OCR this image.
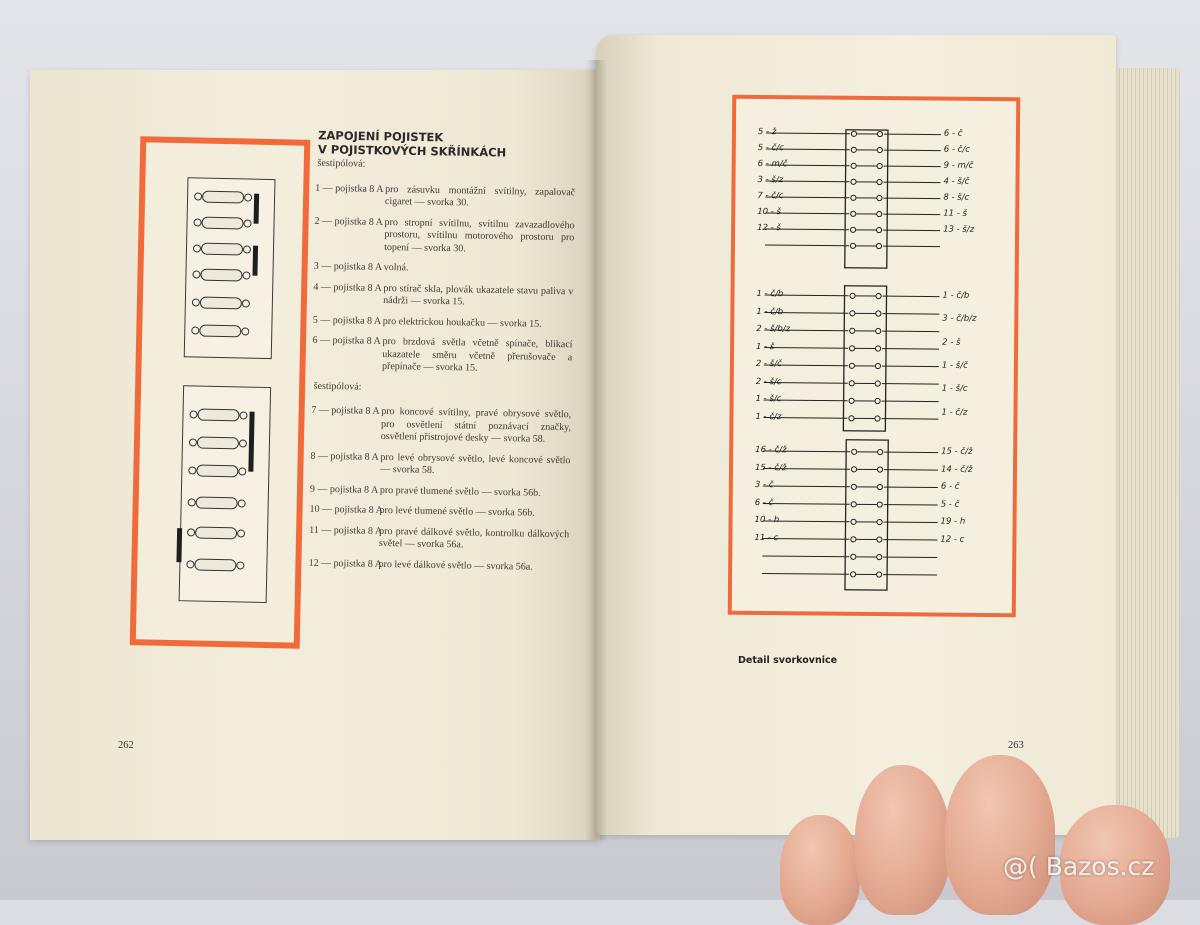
ZAPOJENÍ POJISTEK
V POJISTKOVÝCH SKŘÍNKÁCH
šestipólová:
1 — pojistka 8 A pro zásuvku montážní svítilny, zapalovač cigaret — svorka 30.
2 — pojistka 8 A pro stropní svítilnu, svítilnu zavazadlového prostoru, svítilnu motorového prostoru pro topení — svorka 30.
3 — pojistka 8 A volná.
4 — pojistka 8 A pro stírač skla, plovák ukazatele stavu paliva v nádrži — svorka 15.
5 — pojistka 8 A pro elektrickou houkačku — svorka 15.
6 — pojistka 8 A pro brzdová světla včetně spínače, blikací ukazatele směru včetně přerušovače a přepínače — svorka 15.
šestipólová:
7 — pojistka 8 A pro koncové svítilny, pravé obrysové světlo, pro osvětlení státní poznávací značky, osvětlení přístrojové desky — svorka 58.
8 — pojistka 8 A pro levé obrysové světlo, levé koncové světlo — svorka 58.
9 — pojistka 8 A pro pravé tlumené světlo — svorka 56b.
10 — pojistka 8 A
pro levé tlumené světlo — svorka 56b.
11 — pojistka 8 A
pro pravé dálkové světlo, kontrolku dálkových světel — svorka 56a.
12 — pojistka 8 A
pro levé dálkové světlo — svorka 56a.
262
5 - ž
5 - č/c
6 - m/č
3 - š/z
7 - č/c
10 - š
12 - š
6 - č
6 - č/c
9 - m/č
4 - š/č
8 - š/c
11 - š
13 - š/z
1 - č/b
1 - č/b
2 - š/b/z
1 - š
2 - š/č
2 - š/c
1 - š/c
1 - č/z
1 - č/b
3 - č/b/z
2 - š
1 - š/č
1 - š/c
1 - č/z
16 - č/ž
15 - č/ž
3 - č
6 - č
10 - h
11 - c
15 - č/ž
14 - č/ž
6 - č
5 - č
19 - h
12 - c
Detail svorkovnice
263
@( Bazos.cz
